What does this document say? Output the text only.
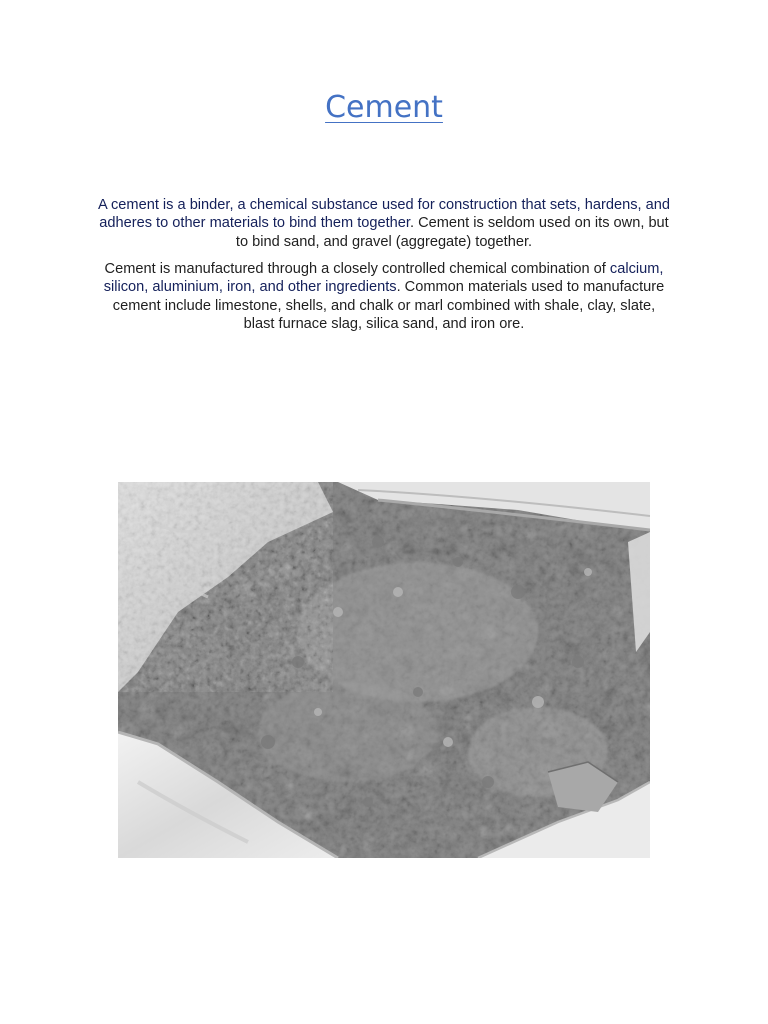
Cement

A cement is a binder, a chemical substance used for construction that sets, hardens, and adheres to other materials to bind them together. Cement is seldom used on its own, but to bind sand, and gravel (aggregate) together.

Cement is manufactured through a closely controlled chemical combination of calcium, silicon, aluminium, iron, and other ingredients. Common materials used to manufacture cement include limestone, shells, and chalk or marl combined with shale, clay, slate, blast furnace slag, silica sand, and iron ore.
